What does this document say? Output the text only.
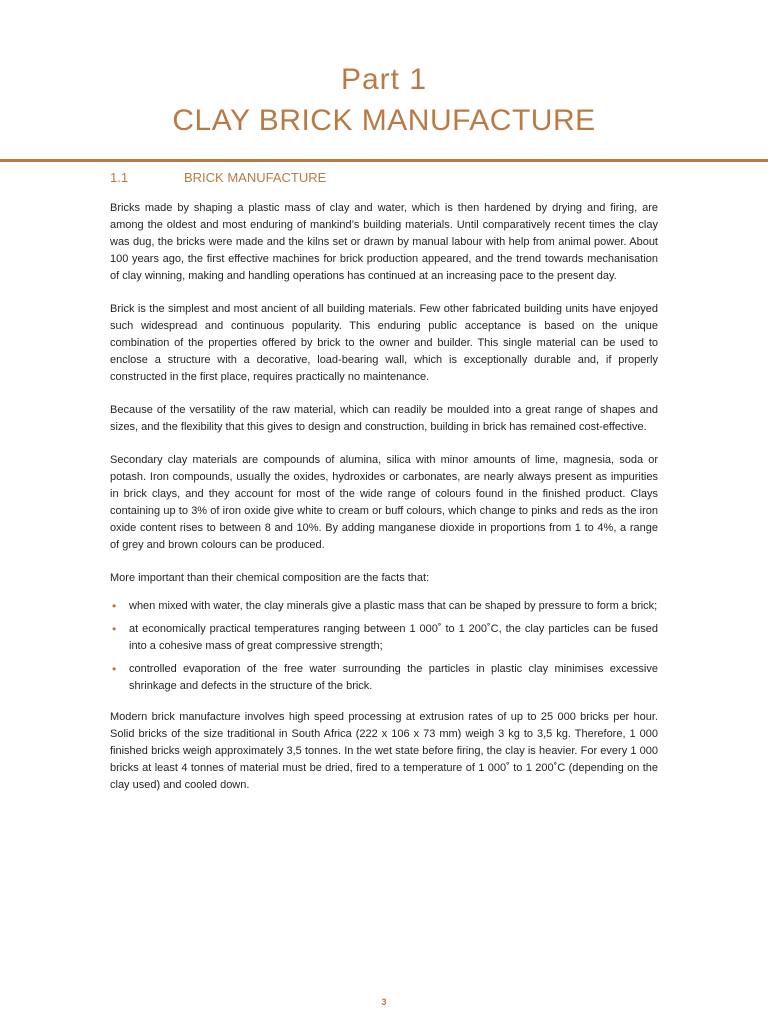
Part 1
CLAY BRICK MANUFACTURE
1.1	BRICK MANUFACTURE

Bricks made by shaping a plastic mass of clay and water, which is then hardened by drying and firing, are among the oldest and most enduring of mankind’s building materials. Until comparatively recent times the clay was dug, the bricks were made and the kilns set or drawn by manual labour with help from animal power. About 100 years ago, the first effective machines for brick production appeared, and the trend towards mechanisation of clay winning, making and handling operations has continued at an increasing pace to the present day.

Brick is the simplest and most ancient of all building materials. Few other fabricated building units have enjoyed such widespread and continuous popularity. This enduring public acceptance is based on the unique combination of the properties offered by brick to the owner and builder. This single material can be used to enclose a structure with a decorative, load-bearing wall, which is exceptionally durable and, if properly constructed in the first place, requires practically no maintenance.

Because of the versatility of the raw material, which can readily be moulded into a great range of shapes and sizes, and the flexibility that this gives to design and construction, building in brick has remained cost-effective.

Secondary clay materials are compounds of alumina, silica with minor amounts of lime, magnesia, soda or potash. Iron compounds, usually the oxides, hydroxides or carbonates, are nearly always present as impurities in brick clays, and they account for most of the wide range of colours found in the finished product. Clays containing up to 3% of iron oxide give white to cream or buff colours, which change to pinks and reds as the iron oxide content rises to between 8 and 10%. By adding manganese dioxide in proportions from 1 to 4%, a range of grey and brown colours can be produced.

More important than their chemical composition are the facts that:

• when mixed with water, the clay minerals give a plastic mass that can be shaped by pressure to form a brick;
• at economically practical temperatures ranging between 1 000˚ to 1 200˚C, the clay particles can be fused into a cohesive mass of great compressive strength;
• controlled evaporation of the free water surrounding the particles in plastic clay minimises excessive shrinkage and defects in the structure of the brick.

Modern brick manufacture involves high speed processing at extrusion rates of up to 25 000 bricks per hour. Solid bricks of the size traditional in South Africa (222 x 106 x 73 mm) weigh 3 kg to 3,5 kg. Therefore, 1 000 finished bricks weigh approximately 3,5 tonnes. In the wet state before firing, the clay is heavier. For every 1 000 bricks at least 4 tonnes of material must be dried, fired to a temperature of 1 000˚ to 1 200˚C (depending on the clay used) and cooled down.

3
